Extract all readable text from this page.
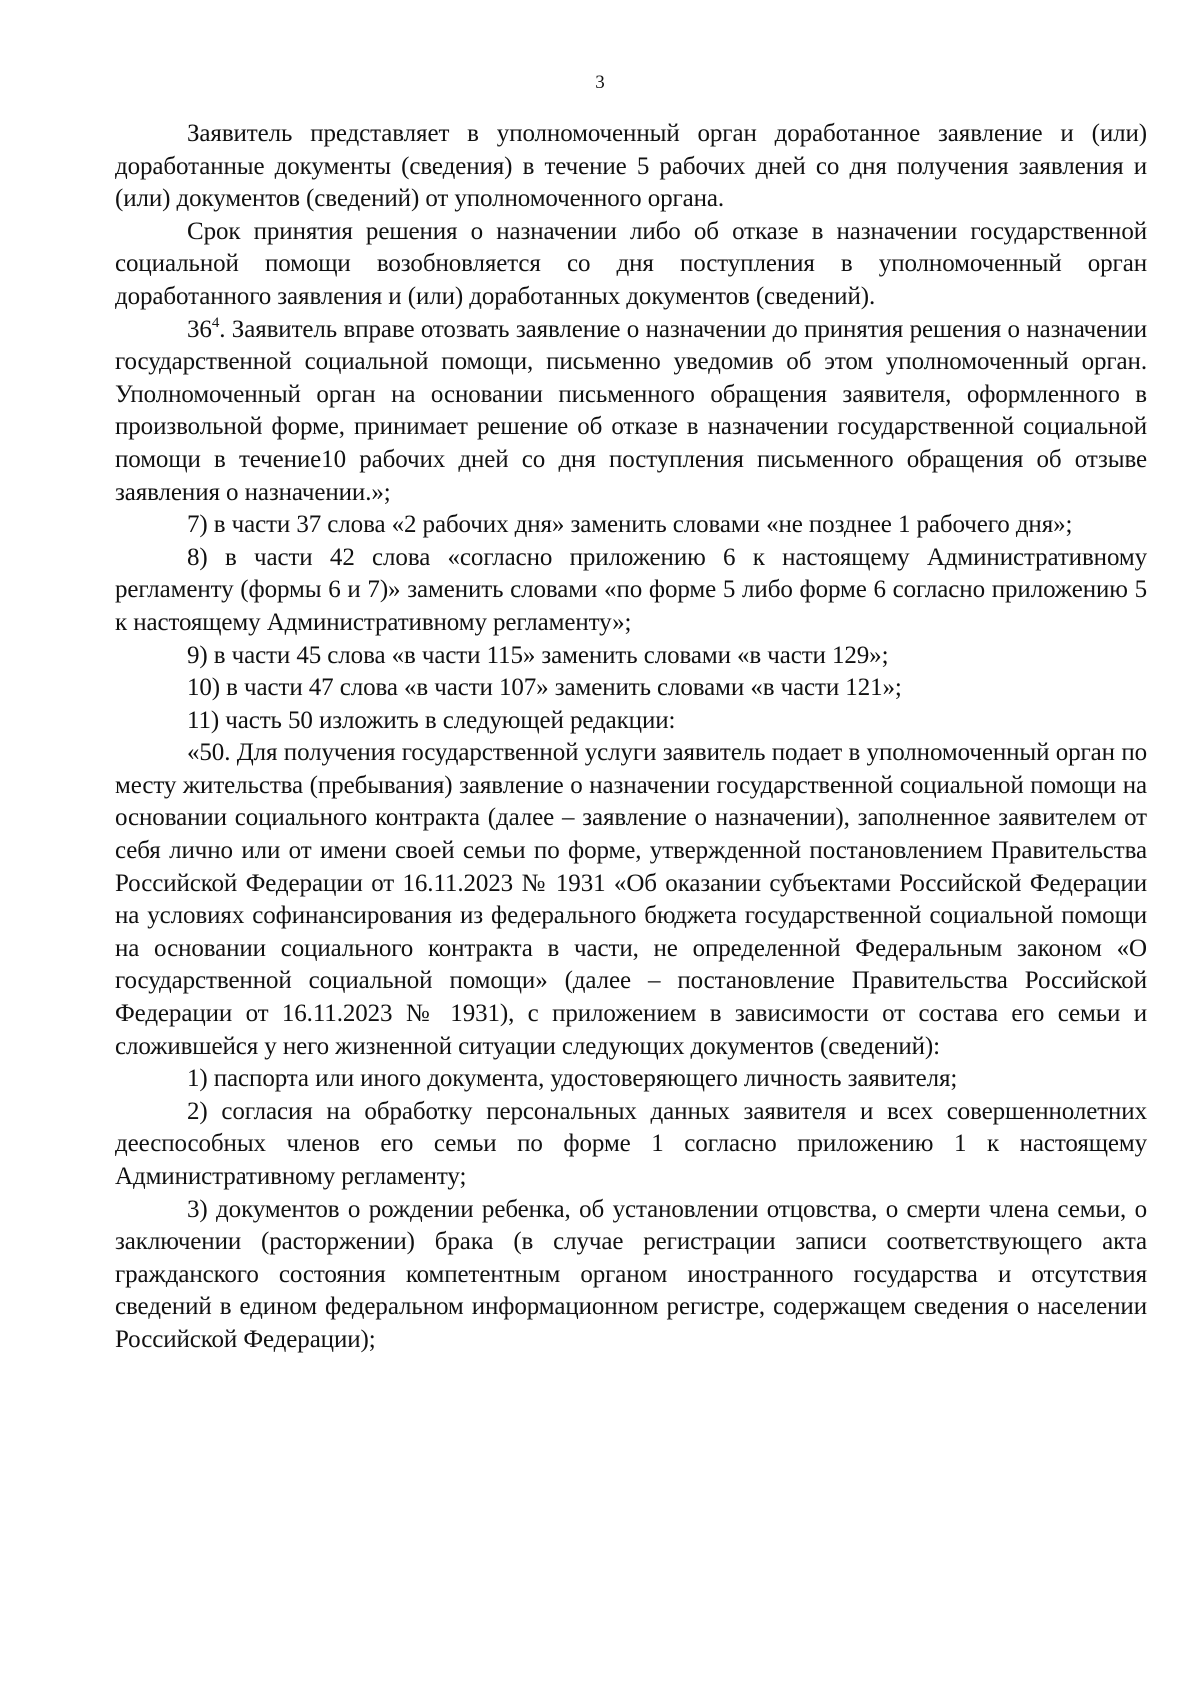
3

Заявитель представляет в уполномоченный орган доработанное заявление и (или) доработанные документы (сведения) в течение 5 рабочих дней со дня получения заявления и (или) документов (сведений) от уполномоченного органа.

Срок принятия решения о назначении либо об отказе в назначении государственной социальной помощи возобновляется со дня поступления в уполномоченный орган доработанного заявления и (или) доработанных документов (сведений).

$36^4$. Заявитель вправе отозвать заявление о назначении до принятия решения о назначении государственной социальной помощи, письменно уведомив об этом уполномоченный орган. Уполномоченный орган на основании письменного обращения заявителя, оформленного в произвольной форме, принимает решение об отказе в назначении государственной социальной помощи в течение10 рабочих дней со дня поступления письменного обращения об отзыве заявления о назначении.»;

7) в части 37 слова «2 рабочих дня» заменить словами «не позднее 1 рабочего дня»;

8) в части 42 слова «согласно приложению 6 к настоящему Административному регламенту (формы 6 и 7)» заменить словами «по форме 5 либо форме 6 согласно приложению 5 к настоящему Административному регламенту»;

9) в части 45 слова «в части 115» заменить словами «в части 129»;

10) в части 47 слова «в части 107» заменить словами «в части 121»;

11) часть 50 изложить в следующей редакции:

«50. Для получения государственной услуги заявитель подает в уполномоченный орган по месту жительства (пребывания) заявление о назначении государственной социальной помощи на основании социального контракта (далее – заявление о назначении), заполненное заявителем от себя лично или от имени своей семьи по форме, утвержденной постановлением Правительства Российской Федерации от 16.11.2023 № 1931 «Об оказании субъектами Российской Федерации на условиях софинансирования из федерального бюджета государственной социальной помощи на основании социального контракта в части, не определенной Федеральным законом «О государственной социальной помощи» (далее – постановление Правительства Российской Федерации от 16.11.2023 № 1931), с приложением в зависимости от состава его семьи и сложившейся у него жизненной ситуации следующих документов (сведений):

1) паспорта или иного документа, удостоверяющего личность заявителя;

2) согласия на обработку персональных данных заявителя и всех совершеннолетних дееспособных членов его семьи по форме 1 согласно приложению 1 к настоящему Административному регламенту;

3) документов о рождении ребенка, об установлении отцовства, о смерти члена семьи, о заключении (расторжении) брака (в случае регистрации записи соответствующего акта гражданского состояния компетентным органом иностранного государства и отсутствия сведений в едином федеральном информационном регистре, содержащем сведения о населении Российской Федерации);
